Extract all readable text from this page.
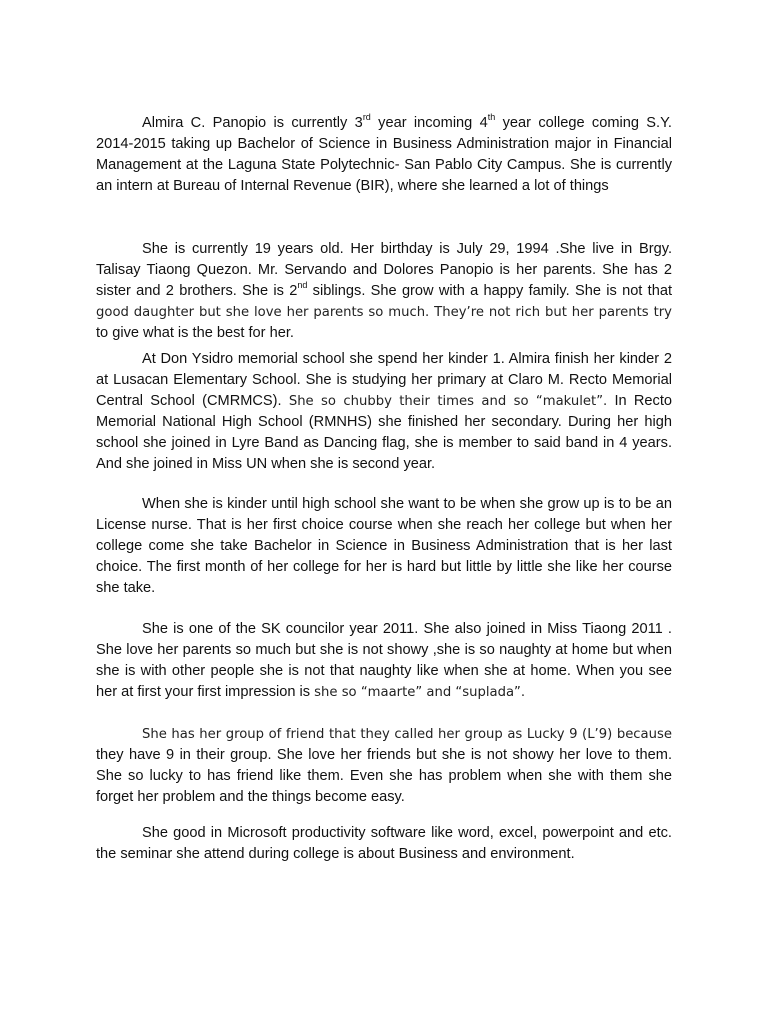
Almira C. Panopio is currently 3rd year incoming 4th year college coming S.Y. 2014-2015 taking up Bachelor of Science in Business Administration major in Financial Management at the Laguna State Polytechnic- San Pablo City Campus. She is currently an intern at Bureau of Internal Revenue (BIR), where she learned a lot of things

She is currently 19 years old. Her birthday is July 29, 1994 .She live in Brgy. Talisay Tiaong Quezon. Mr. Servando and Dolores Panopio is her parents. She has 2 sister and 2 brothers. She is 2nd siblings. She grow with a happy family. She is not that good daughter but she love her parents so much. They’re not rich but her parents try to give what is the best for her.

At Don Ysidro memorial school she spend her kinder 1. Almira finish her kinder 2 at Lusacan Elementary School. She is studying her primary at Claro M. Recto Memorial Central School (CMRMCS). She so chubby their times and so “makulet”. In Recto Memorial National High School (RMNHS) she finished her secondary. During her high school she joined in Lyre Band as Dancing flag, she is member to said band in 4 years. And she joined in Miss UN when she is second year.

When she is kinder until high school she want to be when she grow up is to be an License nurse. That is her first choice course when she reach her college but when her college come she take Bachelor in Science in Business Administration that is her last choice. The first month of her college for her is hard but little by little she like her course she take.

She is one of the SK councilor year 2011. She also joined in Miss Tiaong 2011 . She love her parents so much but she is not showy ,she is so naughty at home but when she is with other people she is not that naughty like when she at home. When you see her at first your first impression is she so “maarte” and “suplada”.

She has her group of friend that they called her group as Lucky 9 (L’9) because they have 9 in their group. She love her friends but she is not showy her love to them. She so lucky to has friend like them. Even she has problem when she with them she forget her problem and the things become easy.

She good in Microsoft productivity software like word, excel, powerpoint and etc. the seminar she attend during college is about Business and environment.
